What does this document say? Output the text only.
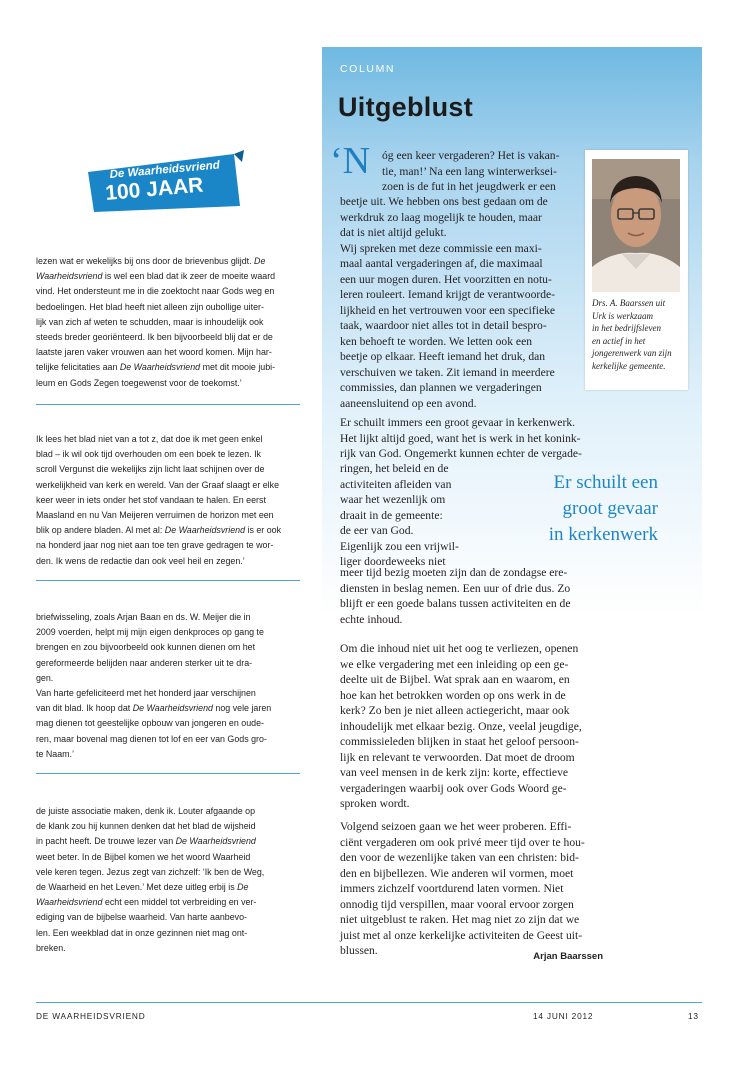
De Waarheidsvriend
100 JAAR
lezen wat er wekelijks bij ons door de brievenbus glijdt. De
Waarheidsvriend is wel een blad dat ik zeer de moeite waard
vind. Het ondersteunt me in die zoektocht naar Gods weg en
bedoelingen. Het blad heeft niet alleen zijn oubollige uiter-
lijk van zich af weten te schudden, maar is inhoudelijk ook
steeds breder georiënteerd. Ik ben bijvoorbeeld blij dat er de
laatste jaren vaker vrouwen aan het woord komen. Mijn har-
telijke felicitaties aan De Waarheidsvriend met dit mooie jubi-
leum en Gods Zegen toegewenst voor de toekomst.’
Ik lees het blad niet van a tot z, dat doe ik met geen enkel
blad – ik wil ook tijd overhouden om een boek te lezen. Ik
scroll Vergunst die wekelijks zijn licht laat schijnen over de
werkelijkheid van kerk en wereld. Van der Graaf slaagt er elke
keer weer in iets onder het stof vandaan te halen. En eerst
Maasland en nu Van Meijeren verruimen de horizon met een
blik op andere bladen. Al met al: De Waarheidsvriend is er ook
na honderd jaar nog niet aan toe ten grave gedragen te wor-
den. Ik wens de redactie dan ook veel heil en zegen.’
briefwisseling, zoals Arjan Baan en ds. W. Meijer die in
2009 voerden, helpt mij mijn eigen denkproces op gang te
brengen en zou bijvoorbeeld ook kunnen dienen om het
gereformeerde belijden naar anderen sterker uit te dra-
gen.
Van harte gefeliciteerd met het honderd jaar verschijnen
van dit blad. Ik hoop dat De Waarheidsvriend nog vele jaren
mag dienen tot geestelijke opbouw van jongeren en oude-
ren, maar bovenal mag dienen tot lof en eer van Gods gro-
te Naam.’
de juiste associatie maken, denk ik. Louter afgaande op
de klank zou hij kunnen denken dat het blad de wijsheid
in pacht heeft. De trouwe lezer van De Waarheidsvriend
weet beter. In de Bijbel komen we het woord Waarheid
vele keren tegen. Jezus zegt van zichzelf: ‘Ik ben de Weg,
de Waarheid en het Leven.’ Met deze uitleg erbij is De
Waarheidsvriend echt een middel tot verbreiding en ver-
ediging van de bijbelse waarheid. Van harte aanbevo-
len. Een weekblad dat in onze gezinnen niet mag ont-
breken.
COLUMN
Uitgeblust
‘N óg een keer vergaderen? Het is vakan-
tie, man!’ Na een lang winterwerksei-
zoen is de fut in het jeugdwerk er een
beetje uit. We hebben ons best gedaan om de
werkdruk zo laag mogelijk te houden, maar
dat is niet altijd gelukt.
Wij spreken met deze commissie een maxi-
maal aantal vergaderingen af, die maximaal
een uur mogen duren. Het voorzitten en notu-
leren rouleert. Iemand krijgt de verantwoorde-
lijkheid en het vertrouwen voor een specifieke
taak, waardoor niet alles tot in detail bespro-
ken behoeft te worden. We letten ook een
beetje op elkaar. Heeft iemand het druk, dan
verschuiven we taken. Zit iemand in meerdere
commissies, dan plannen we vergaderingen
aaneensluitend op een avond.
Er schuilt immers een groot gevaar in kerkenwerk.
Het lijkt altijd goed, want het is werk in het konink-
rijk van God. Ongemerkt kunnen echter de vergade-
ringen, het beleid en de
activiteiten afleiden van
waar het wezenlijk om
draait in de gemeente:
de eer van God.
Eigenlijk zou een vrijwil-
liger doordeweeks niet
meer tijd bezig moeten zijn dan de zondagse ere-
diensten in beslag nemen. Een uur of drie dus. Zo
blijft er een goede balans tussen activiteiten en de
echte inhoud.
Om die inhoud niet uit het oog te verliezen, openen
we elke vergadering met een inleiding op een ge-
deelte uit de Bijbel. Wat sprak aan en waarom, en
hoe kan het betrokken worden op ons werk in de
kerk? Zo ben je niet alleen actiegericht, maar ook
inhoudelijk met elkaar bezig. Onze, veelal jeugdige,
commissieleden blijken in staat het geloof persoon-
lijk en relevant te verwoorden. Dat moet de droom
van veel mensen in de kerk zijn: korte, effectieve
vergaderingen waarbij ook over Gods Woord ge-
sproken wordt.
Volgend seizoen gaan we het weer proberen. Effi-
ciënt vergaderen om ook privé meer tijd over te hou-
den voor de wezenlijke taken van een christen: bid-
den en bijbellezen. Wie anderen wil vormen, moet
immers zichzelf voortdurend laten vormen. Niet
onnodig tijd verspillen, maar vooral ervoor zorgen
niet uitgeblust te raken. Het mag niet zo zijn dat we
juist met al onze kerkelijke activiteiten de Geest uit-
blussen.
Er schuilt een
groot gevaar
in kerkenwerk
Drs. A. Baarssen uit
Urk is werkzaam
in het bedrijfsleven
en actief in het
jongerenwerk van zijn
kerkelijke gemeente.
Arjan Baarssen
DE WAARHEIDSVRIEND	14 JUNI 2012	13
